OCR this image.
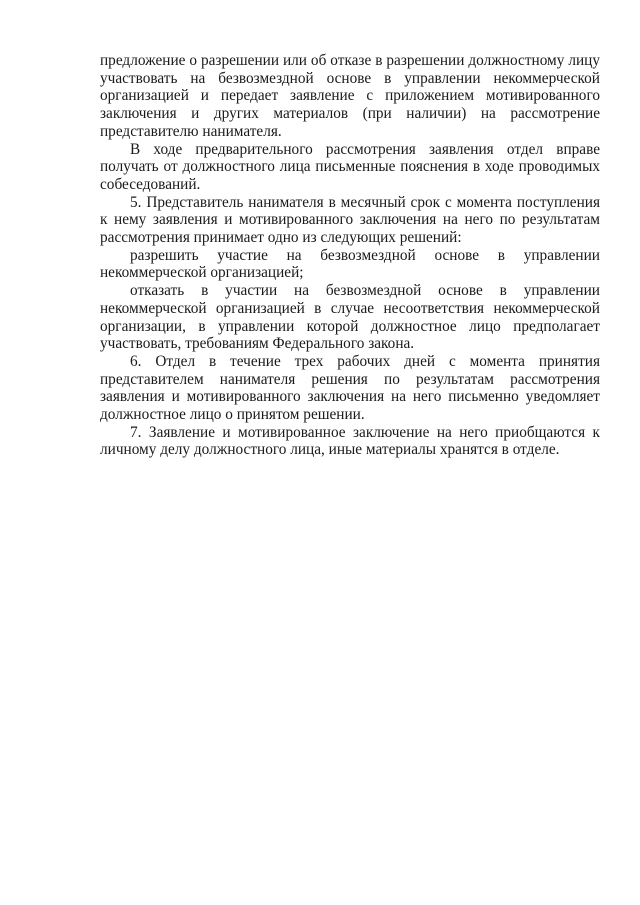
предложение о разрешении или об отказе в разрешении должностному лицу участвовать на безвозмездной основе в управлении некоммерческой организацией и передает заявление с приложением мотивированного заключения и других материалов (при наличии) на рассмотрение представителю нанимателя.

В ходе предварительного рассмотрения заявления отдел вправе получать от должностного лица письменные пояснения в ходе проводимых собеседований.

5. Представитель нанимателя в месячный срок с момента поступления к нему заявления и мотивированного заключения на него по результатам рассмотрения принимает одно из следующих решений:

разрешить участие на безвозмездной основе в управлении некоммерческой организацией;

отказать в участии на безвозмездной основе в управлении некоммерческой организацией в случае несоответствия некоммерческой организации, в управлении которой должностное лицо предполагает участвовать, требованиям Федерального закона.

6. Отдел в течение трех рабочих дней с момента принятия представителем нанимателя решения по результатам рассмотрения заявления и мотивированного заключения на него письменно уведомляет должностное лицо о принятом решении.

7. Заявление и мотивированное заключение на него приобщаются к личному делу должностного лица, иные материалы хранятся в отделе.
